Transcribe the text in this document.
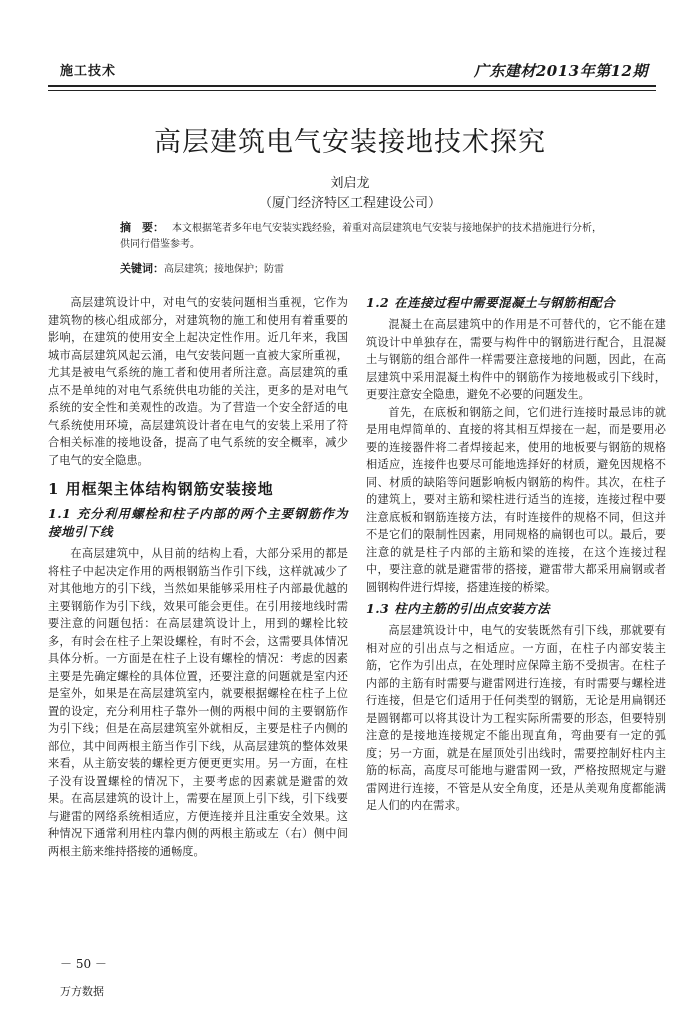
施工技术	广东建材2013年第12期
高层建筑电气安装接地技术探究
刘启龙
（厦门经济特区工程建设公司）
摘　要： 本文根据笔者多年电气安装实践经验，着重对高层建筑电气安装与接地保护的技术措施进行分析，供同行借鉴参考。
关键词：高层建筑；接地保护；防雷

高层建筑设计中，对电气的安装问题相当重视，它作为建筑物的核心组成部分，对建筑物的施工和使用有着重要的影响，在建筑的使用安全上起决定性作用。近几年来，我国城市高层建筑风起云涌，电气安装问题一直被大家所重视，尤其是被电气系统的施工者和使用者所注意。高层建筑的重点不是单纯的对电气系统供电功能的关注，更多的是对电气系统的安全性和美观性的改造。为了营造一个安全舒适的电气系统使用环境，高层建筑设计者在电气的安装上采用了符合相关标准的接地设备，提高了电气系统的安全概率，减少了电气的安全隐患。

1 用框架主体结构钢筋安装接地
1.1 充分利用螺栓和柱子内部的两个主要钢筋作为接地引下线

在高层建筑中，从目前的结构上看，大部分采用的都是将柱子中起决定作用的两根钢筋当作引下线，这样就减少了对其他地方的引下线，当然如果能够采用柱子内部最优越的主要钢筋作为引下线，效果可能会更佳。在引用接地线时需要注意的问题包括：在高层建筑设计上，用到的螺栓比较多，有时会在柱子上架设螺栓，有时不会，这需要具体情况具体分析。一方面是在柱子上设有螺栓的情况：考虑的因素主要是先确定螺栓的具体位置，还要注意的问题就是室内还是室外，如果是在高层建筑室内，就要根据螺栓在柱子上位置的设定，充分利用柱子靠外一侧的两根中间的主要钢筋作为引下线；但是在高层建筑室外就相反，主要是柱子内侧的部位，其中间两根主筋当作引下线，从高层建筑的整体效果来看，从主筋安装的螺栓更方便更更实用。另一方面，在柱子没有设置螺栓的情况下，主要考虑的因素就是避雷的效果。在高层建筑的设计上，需要在屋顶上引下线，引下线要与避雷的网络系统相适应，方便连接并且注重安全效果。这种情况下通常利用柱内靠内侧的两根主筋或左（右）侧中间两根主筋来维持搭接的通畅度。

1.2 在连接过程中需要混凝土与钢筋相配合

混凝土在高层建筑中的作用是不可替代的，它不能在建筑设计中单独存在，需要与构件中的钢筋进行配合，且混凝土与钢筋的组合部件一样需要注意接地的问题，因此，在高层建筑中采用混凝土构件中的钢筋作为接地极或引下线时，更要注意安全隐患，避免不必要的问题发生。

首先，在底板和钢筋之间，它们进行连接时最忌讳的就是用电焊简单的、直接的将其相互焊接在一起，而是要用必要的连接器件将二者焊接起来，使用的地板要与钢筋的规格相适应，连接件也要尽可能地选择好的材质，避免因规格不同、材质的缺陷等问题影响板内钢筋的构件。其次，在柱子的建筑上，要对主筋和梁柱进行适当的连接，连接过程中要注意底板和钢筋连接方法，有时连接件的规格不同，但这并不是它们的限制性因素，用同规格的扁钢也可以。最后，要注意的就是柱子内部的主筋和梁的连接，在这个连接过程中，要注意的就是避雷带的搭接，避雷带大都采用扁钢或者圆钢构件进行焊接，搭建连接的桥梁。

1.3 柱内主筋的引出点安装方法

高层建筑设计中，电气的安装既然有引下线，那就要有相对应的引出点与之相适应。一方面，在柱子内部安装主筋，它作为引出点，在处理时应保障主筋不受损害。在柱子内部的主筋有时需要与避雷网进行连接，有时需要与螺栓进行连接，但是它们适用于任何类型的钢筋，无论是用扁钢还是圆钢都可以将其设计为工程实际所需要的形态，但要特别注意的是接地连接规定不能出现直角，弯曲要有一定的弧度；另一方面，就是在屋顶处引出线时，需要控制好柱内主筋的标高，高度尽可能地与避雷网一致，严格按照规定与避雷网进行连接，不管是从安全角度，还是从美观角度都能满足人们的内在需求。

－ 50 －
万方数据
